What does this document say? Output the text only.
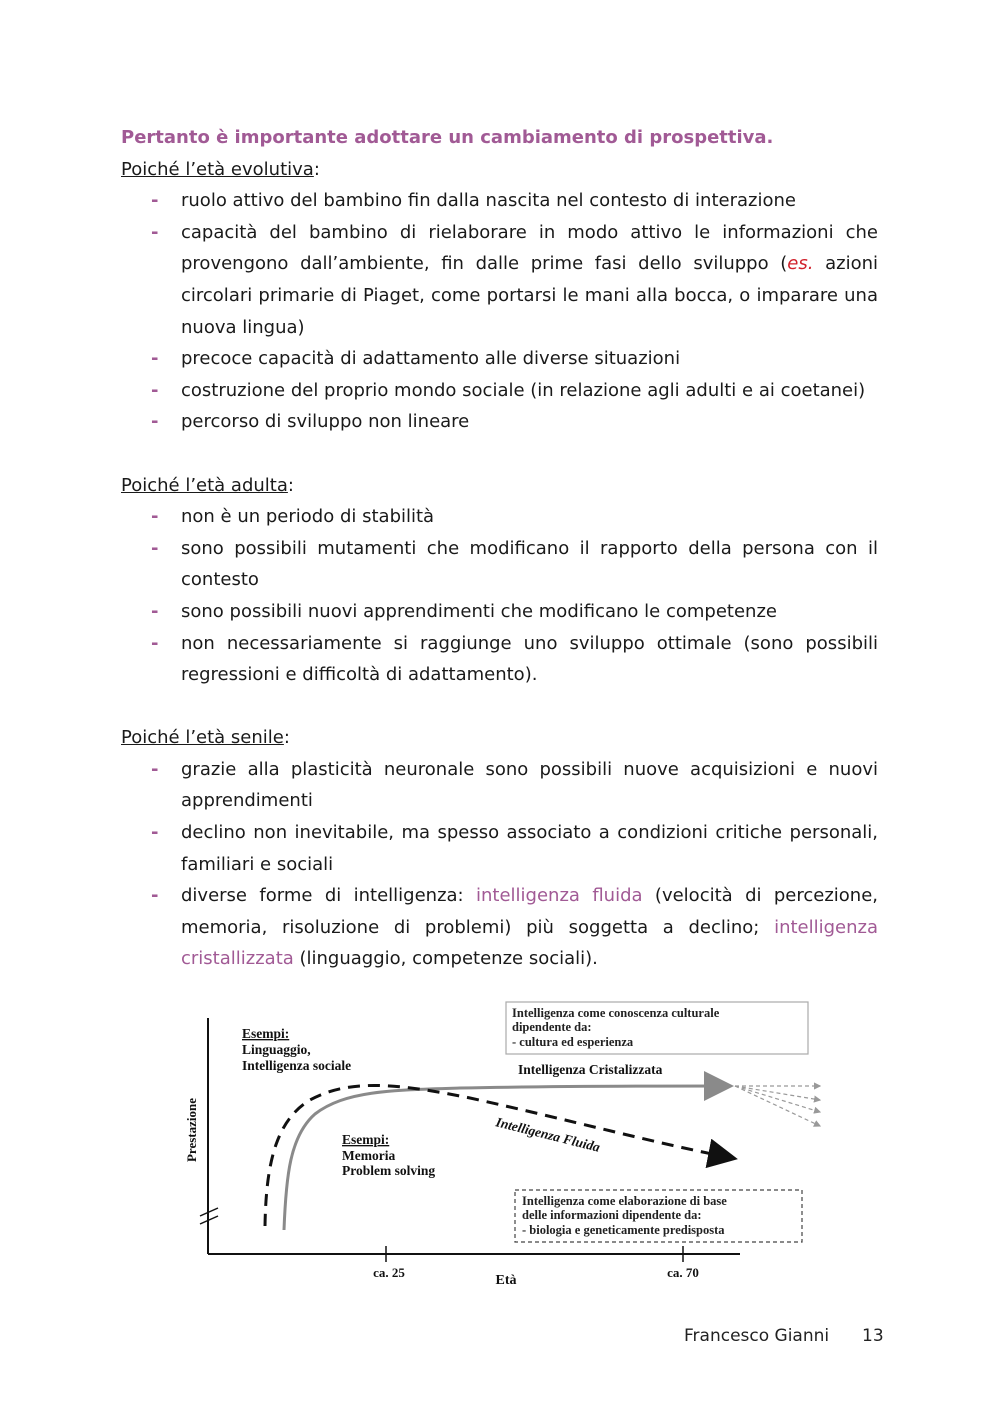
Pertanto è importante adottare un cambiamento di prospettiva.
Poiché l’età evolutiva:
- ruolo attivo del bambino fin dalla nascita nel contesto di interazione
- capacità del bambino di rielaborare in modo attivo le informazioni che provengono dall’ambiente, fin dalle prime fasi dello sviluppo (es. azioni circolari primarie di Piaget, come portarsi le mani alla bocca, o imparare una nuova lingua)
- precoce capacità di adattamento alle diverse situazioni
- costruzione del proprio mondo sociale (in relazione agli adulti e ai coetanei)
- percorso di sviluppo non lineare
Poiché l’età adulta:
- non è un periodo di stabilità
- sono possibili mutamenti che modificano il rapporto della persona con il contesto
- sono possibili nuovi apprendimenti che modificano le competenze
- non necessariamente si raggiunge uno sviluppo ottimale (sono possibili regressioni e difficoltà di adattamento).
Poiché l’età senile:
- grazie alla plasticità neuronale sono possibili nuove acquisizioni e nuovi apprendimenti
- declino non inevitabile, ma spesso associato a condizioni critiche personali, familiari e sociali
- diverse forme di intelligenza: intelligenza fluida (velocità di percezione, memoria, risoluzione di problemi) più soggetta a declino; intelligenza cristallizzata (linguaggio, competenze sociali).
Intelligenza come conoscenza culturale
dipendente da:
- cultura ed esperienza
Intelligenza come elaborazione di base
delle informazioni dipendente da:
- biologia e geneticamente predisposta
Esempi:
Linguaggio,
Intelligenza sociale
Esempi:
Memoria
Problem solving
Intelligenza Cristalizzata
Intelligenza Fluida
Prestazione
ca. 25	ca. 70
Età
Francesco Gianni 13
